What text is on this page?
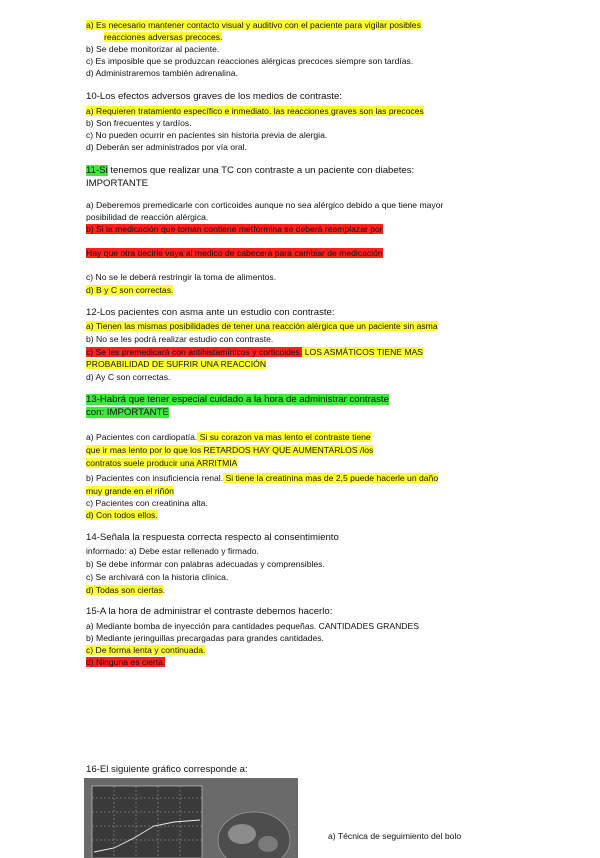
a) Es necesario mantener contacto visual y auditivo con el paciente para vigilar posibles
reacciones adversas precoces.
b) Se debe monitorizar al paciente.
c) Es imposible que se produzcan reacciones alérgicas precoces siempre son tardías.
d) Administraremos también adrenalina.
10-Los efectos adversos graves de los medios de contraste:
a) Requieren tratamiento específico e inmediato. las reacciones graves son las precoces
b) Son frecuentes y tardíos.
c) No pueden ocurrir en pacientes sin historia previa de alergia.
d) Deberán ser administrados por vía oral.
11-Si tenemos que realizar una TC con contraste a un paciente con diabetes:
IMPORTANTE
a) Deberemos premedicarle con corticoides aunque no sea alérgico debido a que tiene mayor
posibilidad de reacción alérgica.
b) Si la medicación que toman contiene metformina se deberá reemplazar por
Hay que otra decirle vaya al medico de cabecera para cambiar de medicación
c) No se le deberá restringir la toma de alimentos.
d) B y C son correctas.
12-Los pacientes con asma ante un estudio con contraste:
a) Tienen las mismas posibilidades de tener una reacción alérgica que un paciente sin asma
b) No se les podrá realizar estudio con contraste.
c) Se les premedicará con antihistamínicos y corticoides. LOS ASMÁTICOS TIENE MAS
PROBABILIDAD DE SUFRIR UNA REACCIÓN
d) Ay C son correctas.
13-Habrá que tener especial cuidado a la hora de administrar contraste
con: IMPORTANTE
a) Pacientes con cardiopatía. Si su corazon va mas lento el contraste tiene
que ir mas lento por lo que los RETARDOS HAY QUE AUMENTARLOS /los
contratos suele producir una ARRITMIA
b) Pacientes con insuficiencia renal. Si tiene la creatinina mas de 2,5 puede hacerle un daño
muy grande en el riñón
c) Pacientes con creatinina alta.
d) Con todos ellos.
14-Señala la respuesta correcta respecto al consentimiento
informado: a) Debe estar rellenado y firmado.
b) Se debe informar con palabras adecuadas y comprensibles.
c) Se archivará con la historia clínica.
d) Todas son ciertas.
15-A la hora de administrar el contraste debemos hacerlo:
a) Mediante bomba de inyección para cantidades pequeñas. CANTIDADES GRANDES
b) Mediante jeringuillas precargadas para grandes cantidades.
c) De forma lenta y continuada.
d) Ninguna es cierta.
16-El siguiente gráfico corresponde a:
a) Técnica de seguimiento del bolo
